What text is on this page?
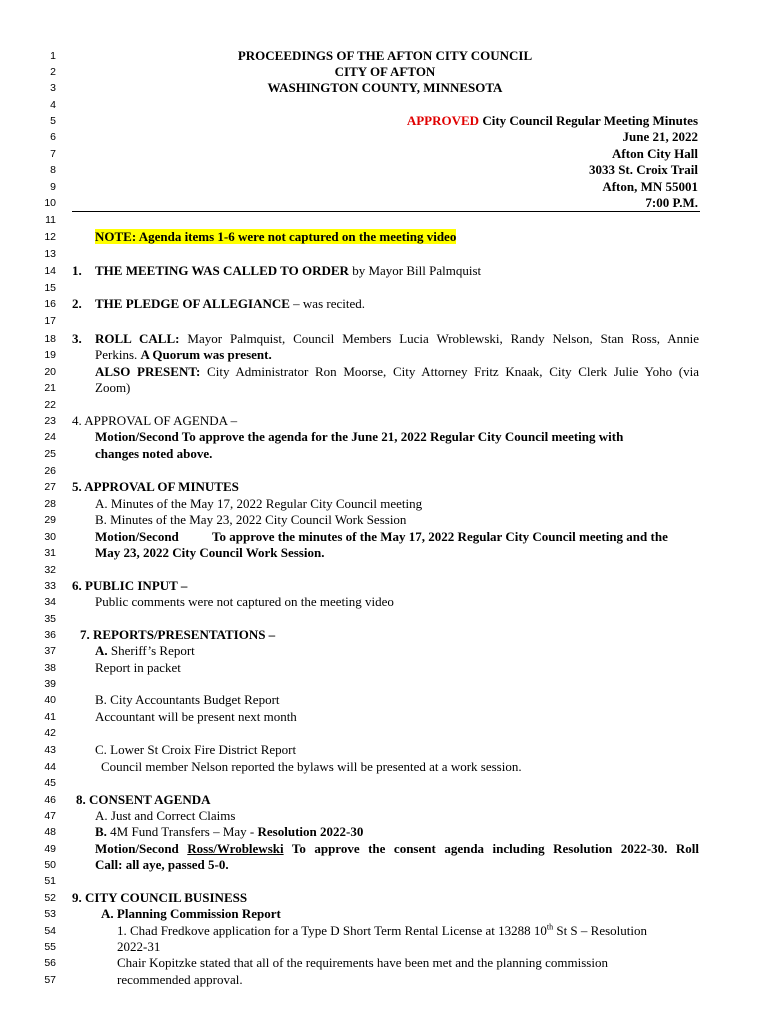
1
2
3
4
5
6
7
8
9
10
11
12
13
14
15
16
17
18
19
20
21
22
23
24
25
26
27
28
29
30
31
32
33
34
35
36
37
38
39
40
41
42
43
44
45
46
47
48
49
50
51
52
53
54
55
56
57
PROCEEDINGS OF THE AFTON CITY COUNCIL
CITY OF AFTON
WASHINGTON COUNTY, MINNESOTA
APPROVED City Council Regular Meeting Minutes
June 21, 2022
Afton City Hall
3033 St. Croix Trail
Afton, MN 55001
7:00 P.M.
NOTE: Agenda items 1-6 were not captured on the meeting video
1. THE MEETING WAS CALLED TO ORDER by Mayor Bill Palmquist
2. THE PLEDGE OF ALLEGIANCE – was recited.
3. ROLL CALL: Mayor Palmquist, Council Members Lucia Wroblewski, Randy Nelson, Stan Ross, Annie
Perkins. A Quorum was present.
ALSO PRESENT: City Administrator Ron Moorse, City Attorney Fritz Knaak, City Clerk Julie Yoho (via
Zoom)
4. APPROVAL OF AGENDA –
Motion/Second To approve the agenda for the June 21, 2022 Regular City Council meeting with
changes noted above.
5. APPROVAL OF MINUTES
A. Minutes of the May 17, 2022 Regular City Council meeting
B. Minutes of the May 23, 2022 City Council Work Session
Motion/Second	To approve the minutes of the May 17, 2022 Regular City Council meeting and the
May 23, 2022 City Council Work Session.
6. PUBLIC INPUT –
Public comments were not captured on the meeting video
7. REPORTS/PRESENTATIONS –
A. Sheriff’s Report
Report in packet
B. City Accountants Budget Report
Accountant will be present next month
C. Lower St Croix Fire District Report
Council member Nelson reported the bylaws will be presented at a work session.
8. CONSENT AGENDA
A. Just and Correct Claims
B. 4M Fund Transfers – May - Resolution 2022-30
Motion/Second Ross/Wroblewski To approve the consent agenda including Resolution 2022-30. Roll
Call: all aye, passed 5-0.
9. CITY COUNCIL BUSINESS
A. Planning Commission Report
1. Chad Fredkove application for a Type D Short Term Rental License at 13288 10th St S – Resolution
2022-31
Chair Kopitzke stated that all of the requirements have been met and the planning commission
recommended approval.
